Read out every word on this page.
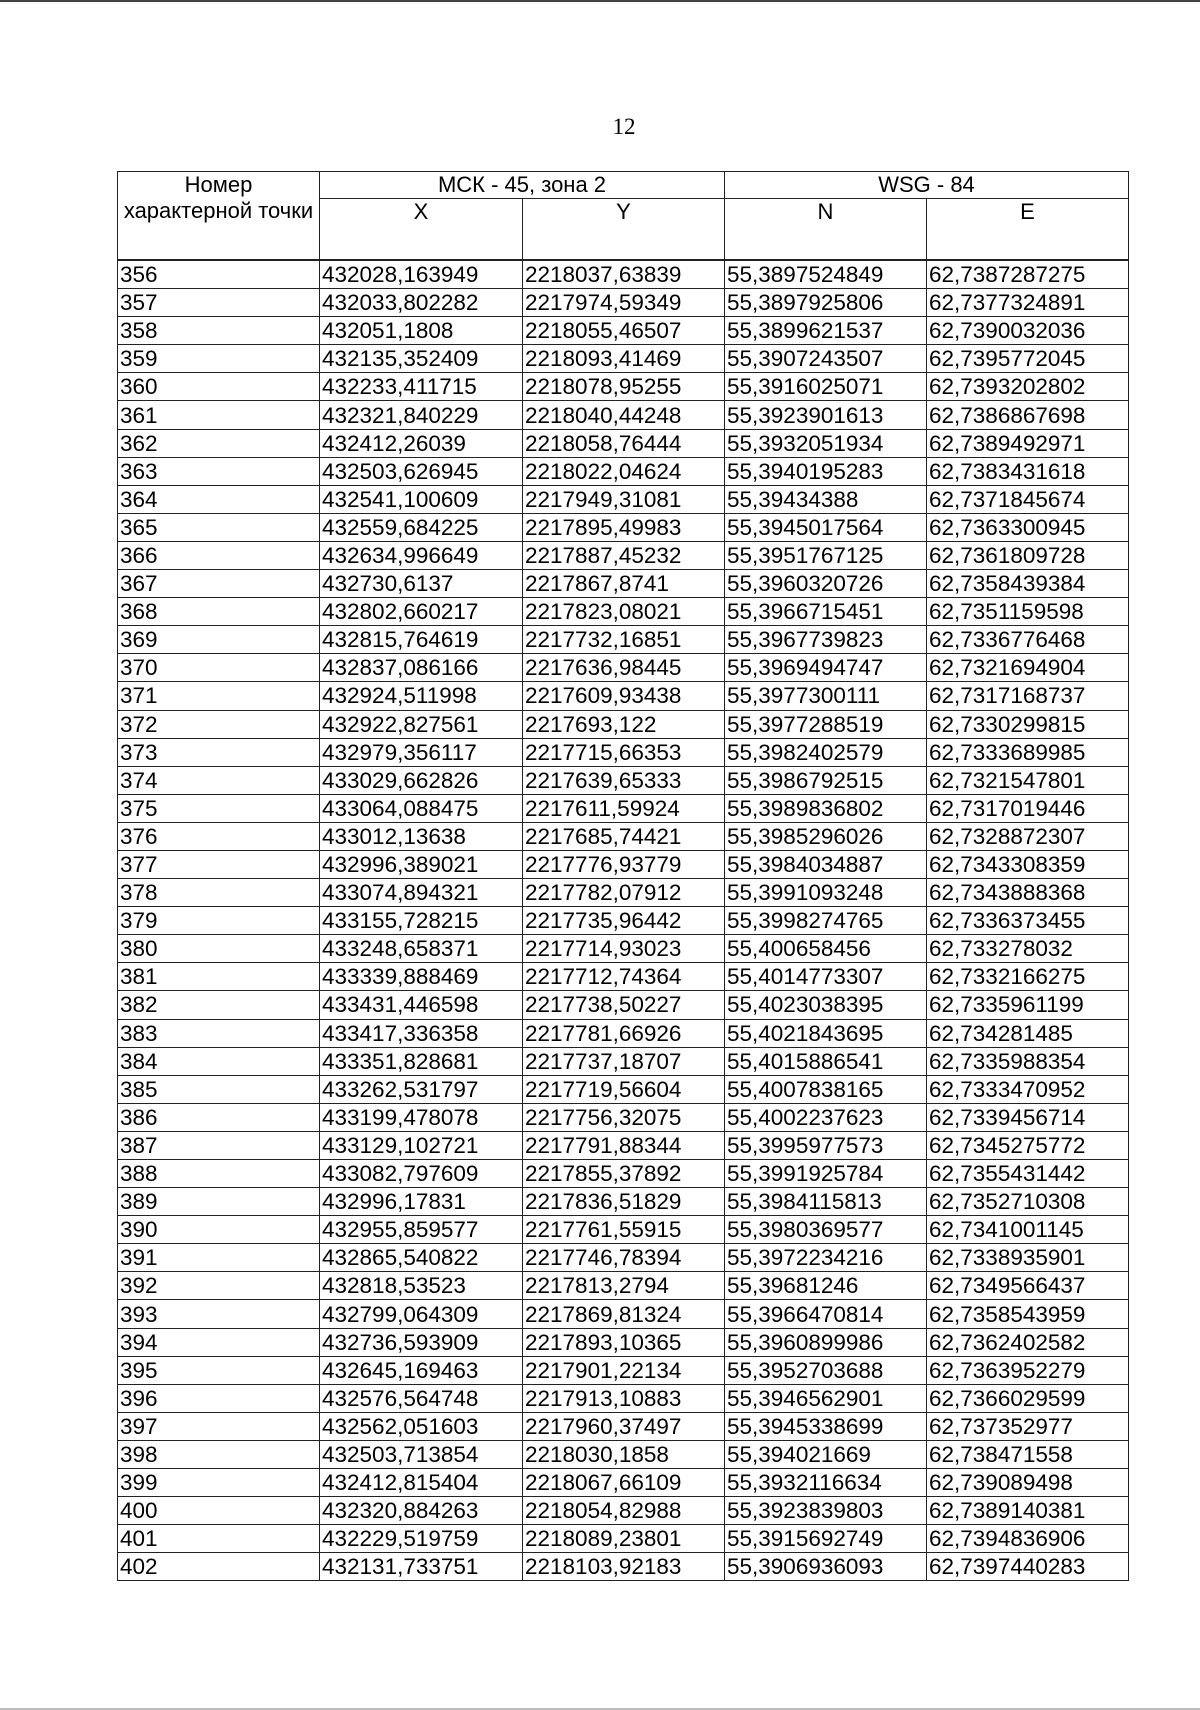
12
Номер характерной точки	МСК - 45, зона 2		WSG - 84	
	X	Y	N	E
356	432028,163949	2218037,63839	55,3897524849	62,7387287275
357	432033,802282	2217974,59349	55,3897925806	62,7377324891
358	432051,1808	2218055,46507	55,3899621537	62,7390032036
359	432135,352409	2218093,41469	55,3907243507	62,7395772045
360	432233,411715	2218078,95255	55,3916025071	62,7393202802
361	432321,840229	2218040,44248	55,3923901613	62,7386867698
362	432412,26039	2218058,76444	55,3932051934	62,7389492971
363	432503,626945	2218022,04624	55,3940195283	62,7383431618
364	432541,100609	2217949,31081	55,39434388	62,7371845674
365	432559,684225	2217895,49983	55,3945017564	62,7363300945
366	432634,996649	2217887,45232	55,3951767125	62,7361809728
367	432730,6137	2217867,8741	55,3960320726	62,7358439384
368	432802,660217	2217823,08021	55,3966715451	62,7351159598
369	432815,764619	2217732,16851	55,3967739823	62,7336776468
370	432837,086166	2217636,98445	55,3969494747	62,7321694904
371	432924,511998	2217609,93438	55,3977300111	62,7317168737
372	432922,827561	2217693,122	55,3977288519	62,7330299815
373	432979,356117	2217715,66353	55,3982402579	62,7333689985
374	433029,662826	2217639,65333	55,3986792515	62,7321547801
375	433064,088475	2217611,59924	55,3989836802	62,7317019446
376	433012,13638	2217685,74421	55,3985296026	62,7328872307
377	432996,389021	2217776,93779	55,3984034887	62,7343308359
378	433074,894321	2217782,07912	55,3991093248	62,7343888368
379	433155,728215	2217735,96442	55,3998274765	62,7336373455
380	433248,658371	2217714,93023	55,400658456	62,733278032
381	433339,888469	2217712,74364	55,4014773307	62,7332166275
382	433431,446598	2217738,50227	55,4023038395	62,7335961199
383	433417,336358	2217781,66926	55,4021843695	62,734281485
384	433351,828681	2217737,18707	55,4015886541	62,7335988354
385	433262,531797	2217719,56604	55,4007838165	62,7333470952
386	433199,478078	2217756,32075	55,4002237623	62,7339456714
387	433129,102721	2217791,88344	55,3995977573	62,7345275772
388	433082,797609	2217855,37892	55,3991925784	62,7355431442
389	432996,17831	2217836,51829	55,3984115813	62,7352710308
390	432955,859577	2217761,55915	55,3980369577	62,7341001145
391	432865,540822	2217746,78394	55,3972234216	62,7338935901
392	432818,53523	2217813,2794	55,39681246	62,7349566437
393	432799,064309	2217869,81324	55,3966470814	62,7358543959
394	432736,593909	2217893,10365	55,3960899986	62,7362402582
395	432645,169463	2217901,22134	55,3952703688	62,7363952279
396	432576,564748	2217913,10883	55,3946562901	62,7366029599
397	432562,051603	2217960,37497	55,3945338699	62,737352977
398	432503,713854	2218030,1858	55,394021669	62,738471558
399	432412,815404	2218067,66109	55,3932116634	62,739089498
400	432320,884263	2218054,82988	55,3923839803	62,7389140381
401	432229,519759	2218089,23801	55,3915692749	62,7394836906
402	432131,733751	2218103,92183	55,3906936093	62,7397440283
